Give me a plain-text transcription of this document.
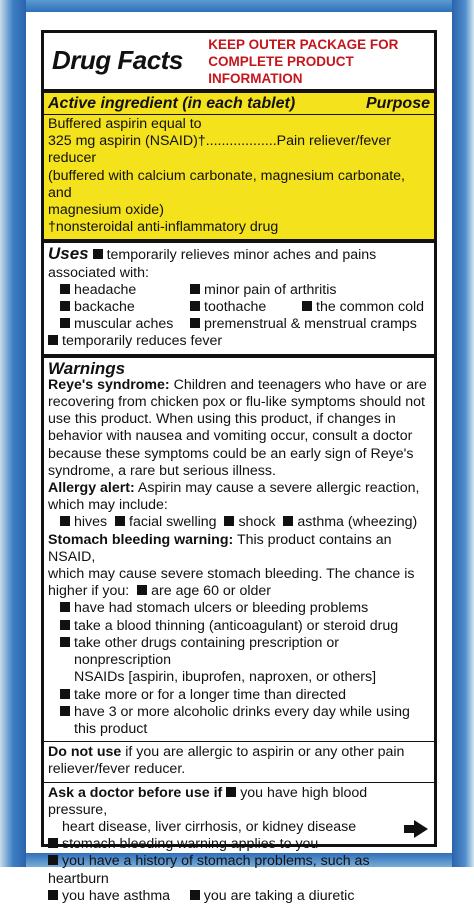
Drug Facts
KEEP OUTER PACKAGE FOR
COMPLETE PRODUCT INFORMATION
Active ingredient (in each tablet)	Purpose
Buffered aspirin equal to
325 mg aspirin (NSAID)†..................Pain reliever/fever reducer
(buffered with calcium carbonate, magnesium carbonate, and
magnesium oxide)
†nonsteroidal anti-inflammatory drug
Uses temporarily relieves minor aches and pains associated with:
headache	minor pain of arthritis
backache	toothache	the common cold
muscular aches	premenstrual & menstrual cramps
temporarily reduces fever
Warnings

Reye's syndrome: Children and teenagers who have or are

recovering from chicken pox or flu-like symptoms should not

use this product. When using this product, if changes in

behavior with nausea and vomiting occur, consult a doctor

because these symptoms could be an early sign of Reye's

syndrome, a rare but serious illness.

Allergy alert: Aspirin may cause a severe allergic reaction,

which may include:

hives facial swelling shock asthma (wheezing)

Stomach bleeding warning: This product contains an NSAID,

which may cause severe stomach bleeding. The chance is

higher if you: are age 60 or older

have had stomach ulcers or bleeding problems

take a blood thinning (anticoagulant) or steroid drug

take other drugs containing prescription or nonprescription

NSAIDs [aspirin, ibuprofen, naproxen, or others]

take more or for a longer time than directed

have 3 or more alcoholic drinks every day while using

this product

Do not use if you are allergic to aspirin or any other pain

reliever/fever reducer.

Ask a doctor before use if you have high blood pressure,

heart disease, liver cirrhosis, or kidney disease

stomach bleeding warning applies to you

you have a history of stomach problems, such as heartburn

you have asthma you are taking a diuretic
